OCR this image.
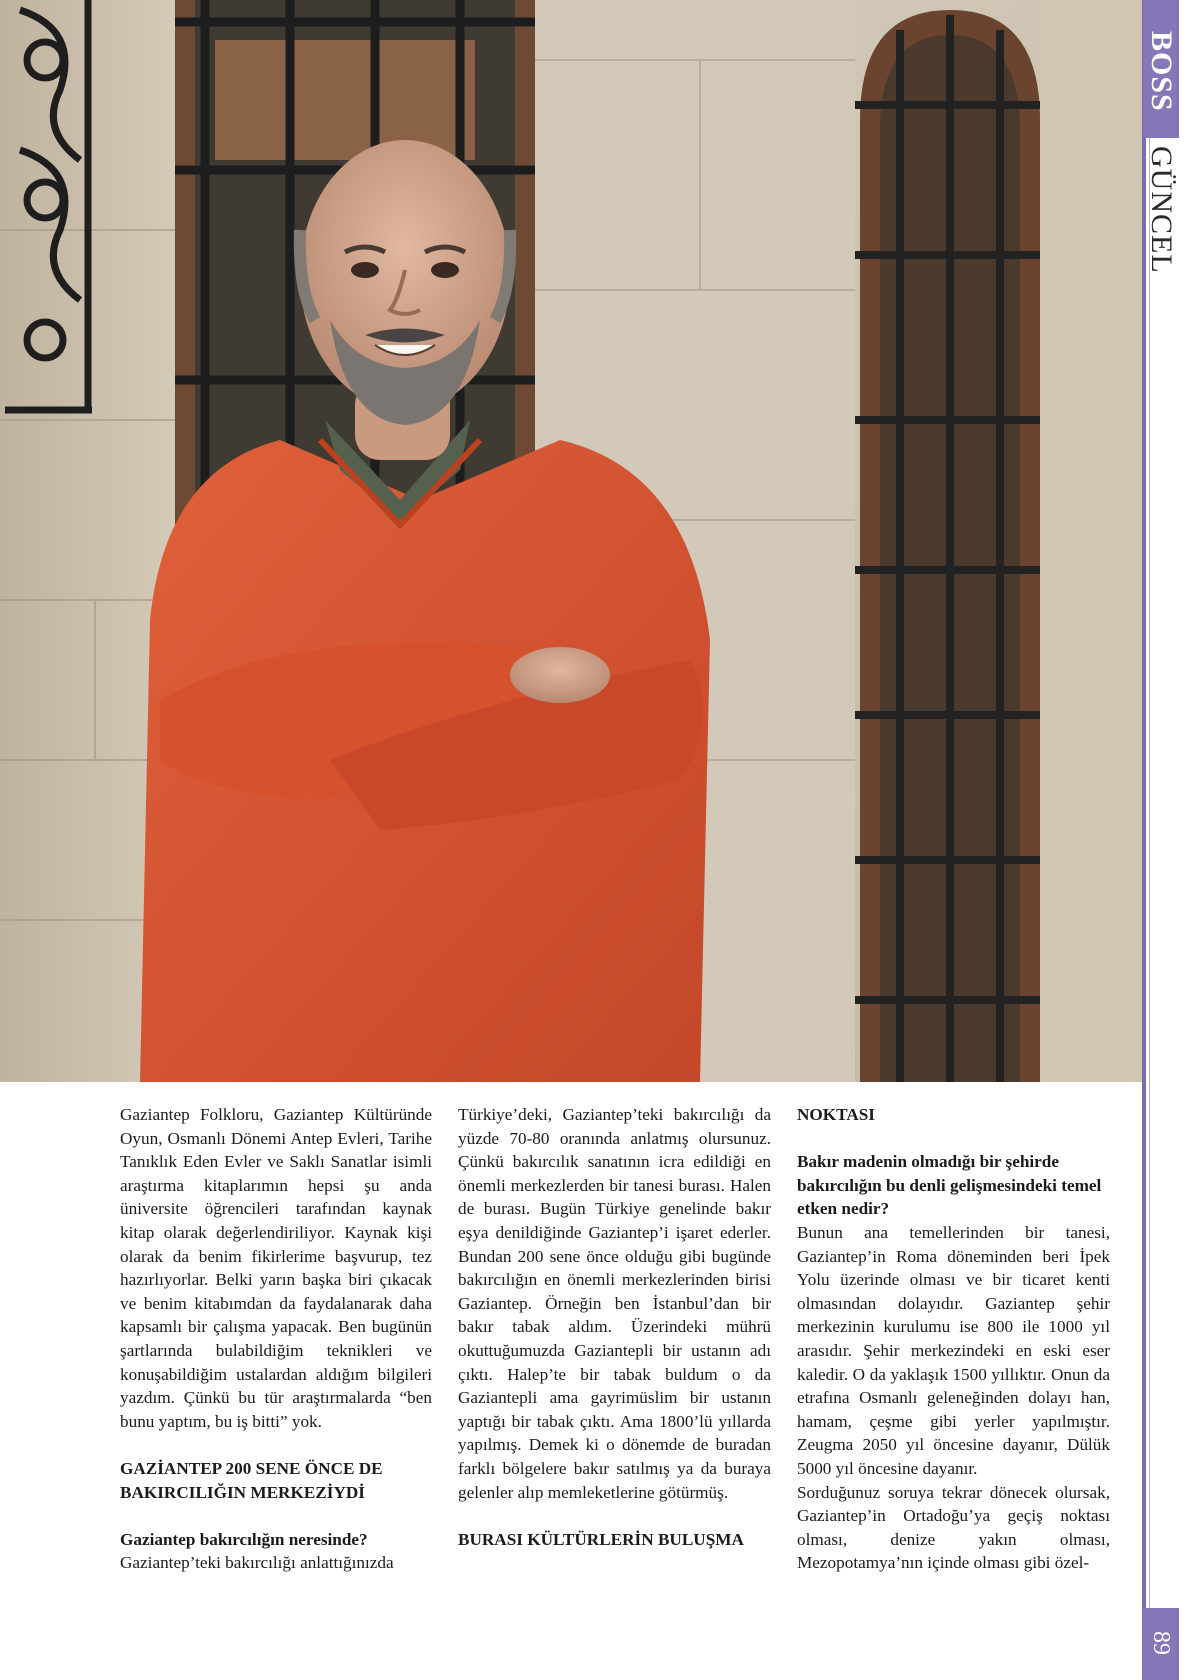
BOSS
GÜNCEL
89

Gaziantep Folkloru, Gaziantep Kültüründe Oyun, Osmanlı Dönemi Antep Evleri, Tarihe Tanıklık Eden Evler ve Saklı Sanatlar isimli araştırma kitaplarımın hepsi şu anda üniversite öğrencileri tarafından kaynak kitap olarak değerlendiriliyor. Kaynak kişi olarak da benim fikirlerime başvurup, tez hazırlıyorlar. Belki yarın başka biri çıkacak ve benim kitabımdan da faydalanarak daha kapsamlı bir çalışma yapacak. Ben bugünün şartlarında bulabildiğim teknikleri ve konuşabildiğim ustalardan aldığım bilgileri yazdım. Çünkü bu tür araştırmalarda “ben bunu yaptım, bu iş bitti” yok.

GAZİANTEP 200 SENE ÖNCE DE BAKIRCILIĞIN MERKEZİYDİ
Gaziantep bakırcılığın neresinde?

Gaziantep’teki bakırcılığı anlattığınızda

Türkiye’deki, Gaziantep’teki bakırcılığı da yüzde 70-80 oranında anlatmış olursunuz. Çünkü bakırcılık sanatının icra edildiği en önemli merkezlerden bir tanesi burası. Halen de burası. Bugün Türkiye genelinde bakır eşya denildiğinde Gaziantep’i işaret ederler. Bundan 200 sene önce olduğu gibi bugünde bakırcılığın en önemli merkezlerinden birisi Gaziantep. Örneğin ben İstanbul’dan bir bakır tabak aldım. Üzerindeki mührü okuttuğumuzda Gaziantepli bir ustanın adı çıktı. Halep’te bir tabak buldum o da Gaziantepli ama gayrimüslim bir ustanın yaptığı bir tabak çıktı. Ama 1800’lü yıllarda yapılmış. Demek ki o dönemde de buradan farklı bölgelere bakır satılmış ya da buraya gelenler alıp memleketlerine götürmüş.

BURASI KÜLTÜRLERİN BULUŞMA
NOKTASI
Bakır madenin olmadığı bir şehirde bakırcılığın bu denli gelişmesindeki temel etken nedir?

Bunun ana temellerinden bir tanesi, Gaziantep’in Roma döneminden beri İpek Yolu üzerinde olması ve bir ticaret kenti olmasından dolayıdır. Gaziantep şehir merkezinin kurulumu ise 800 ile 1000 yıl arasıdır. Şehir merkezindeki en eski eser kaledir. O da yaklaşık 1500 yıllıktır. Onun da etrafına Osmanlı geleneğinden dolayı han, hamam, çeşme gibi yerler yapılmıştır. Zeugma 2050 yıl öncesine dayanır, Dülük 5000 yıl öncesine dayanır.

Sorduğunuz soruya tekrar dönecek olursak, Gaziantep’in Ortadoğu’ya geçiş noktası olması, denize yakın olması, Mezopotamya’nın içinde olması gibi özel-
